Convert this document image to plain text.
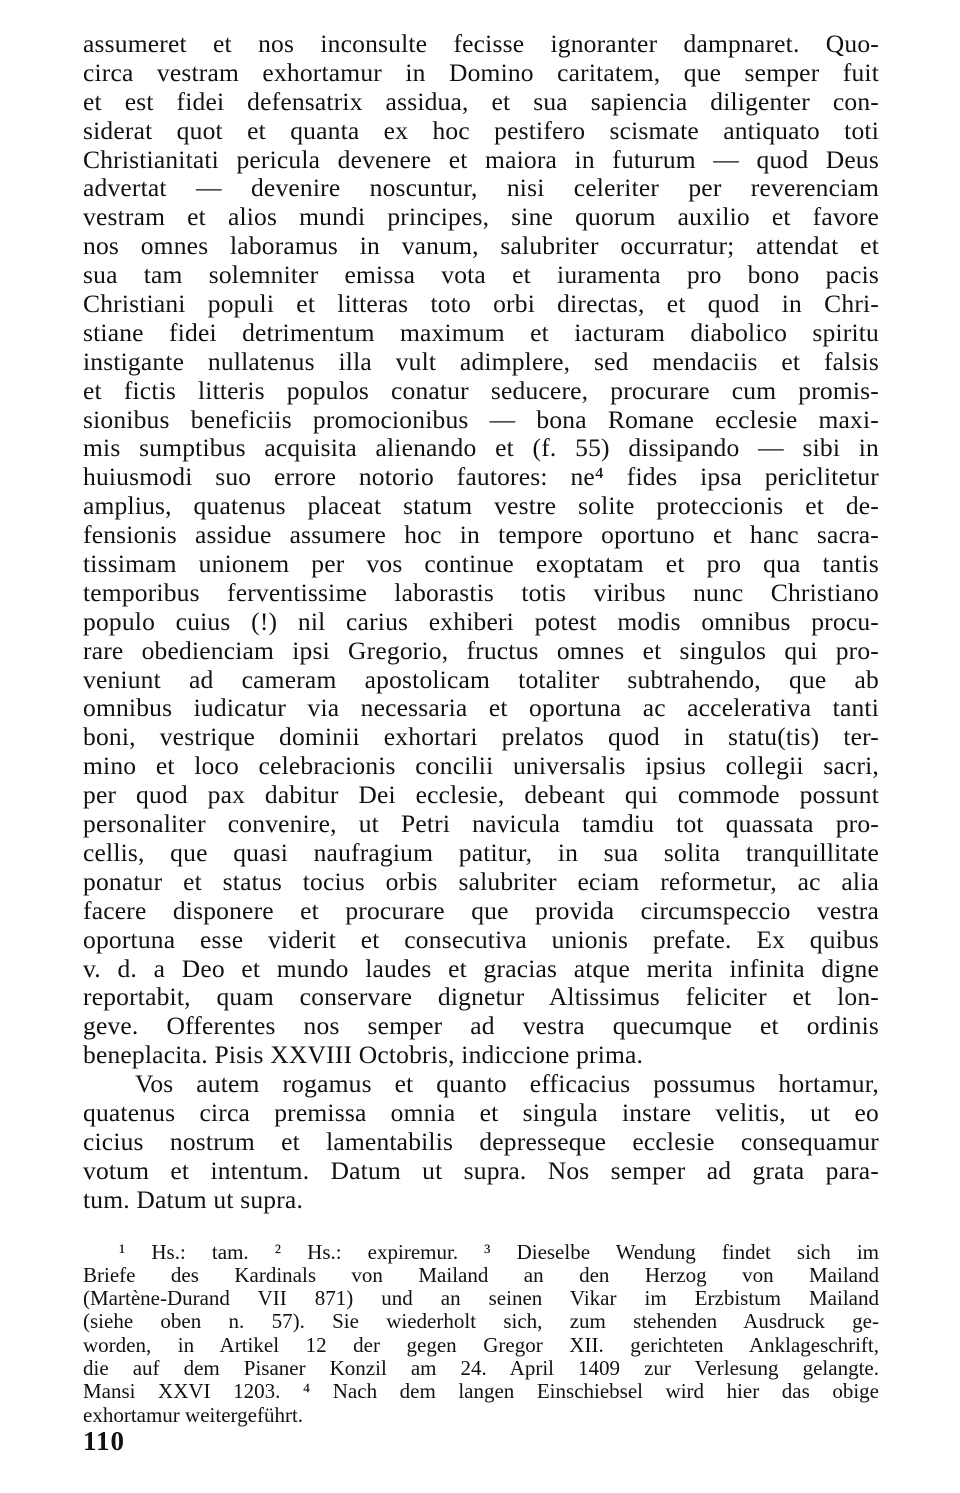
assumeret et nos inconsulte fecisse ignoranter dampnaret. Quo-
circa vestram exhortamur in Domino caritatem, que semper fuit
et est fidei defensatrix assidua, et sua sapiencia diligenter con-
siderat quot et quanta ex hoc pestifero scismate antiquato toti
Christianitati pericula devenere et maiora in futurum — quod Deus
advertat — devenire noscuntur, nisi celeriter per reverenciam
vestram et alios mundi principes, sine quorum auxilio et favore
nos omnes laboramus in vanum, salubriter occurratur; attendat et
sua tam solemniter emissa vota et iuramenta pro bono pacis
Christiani populi et litteras toto orbi directas, et quod in Chri-
stiane fidei detrimentum maximum et iacturam diabolico spiritu
instigante nullatenus illa vult adimplere, sed mendaciis et falsis
et fictis litteris populos conatur seducere, procurare cum promis-
sionibus beneficiis promocionibus — bona Romane ecclesie maxi-
mis sumptibus acquisita alienando et (f. 55) dissipando — sibi in
huiusmodi suo errore notorio fautores: ne⁴ fides ipsa periclitetur
amplius, quatenus placeat statum vestre solite proteccionis et de-
fensionis assidue assumere hoc in tempore oportuno et hanc sacra-
tissimam unionem per vos continue exoptatam et pro qua tantis
temporibus ferventissime laborastis totis viribus nunc Christiano
populo cuius (!) nil carius exhiberi potest modis omnibus procu-
rare obedienciam ipsi Gregorio, fructus omnes et singulos qui pro-
veniunt ad cameram apostolicam totaliter subtrahendo, que ab
omnibus iudicatur via necessaria et oportuna ac accelerativa tanti
boni, vestrique dominii exhortari prelatos quod in statu(tis) ter-
mino et loco celebracionis concilii universalis ipsius collegii sacri,
per quod pax dabitur Dei ecclesie, debeant qui commode possunt
personaliter convenire, ut Petri navicula tamdiu tot quassata pro-
cellis, que quasi naufragium patitur, in sua solita tranquillitate
ponatur et status tocius orbis salubriter eciam reformetur, ac alia
facere disponere et procurare que provida circumspeccio vestra
oportuna esse viderit et consecutiva unionis prefate. Ex quibus
v. d. a Deo et mundo laudes et gracias atque merita infinita digne
reportabit, quam conservare dignetur Altissimus feliciter et lon-
geve. Offerentes nos semper ad vestra quecumque et ordinis
beneplacita. Pisis XXVIII Octobris, indiccione prima.
Vos autem rogamus et quanto efficacius possumus hortamur,
quatenus circa premissa omnia et singula instare velitis, ut eo
cicius nostrum et lamentabilis depresseque ecclesie consequamur
votum et intentum. Datum ut supra. Nos semper ad grata para-
tum. Datum ut supra.
¹ Hs.: tam. ² Hs.: expiremur. ³ Dieselbe Wendung findet sich im
Briefe des Kardinals von Mailand an den Herzog von Mailand
(Martène-Durand VII 871) und an seinen Vikar im Erzbistum Mailand
(siehe oben n. 57). Sie wiederholt sich, zum stehenden Ausdruck ge-
worden, in Artikel 12 der gegen Gregor XII. gerichteten Anklageschrift,
die auf dem Pisaner Konzil am 24. April 1409 zur Verlesung gelangte.
Mansi XXVI 1203. ⁴ Nach dem langen Einschiebsel wird hier das obige
exhortamur weitergeführt.
110
